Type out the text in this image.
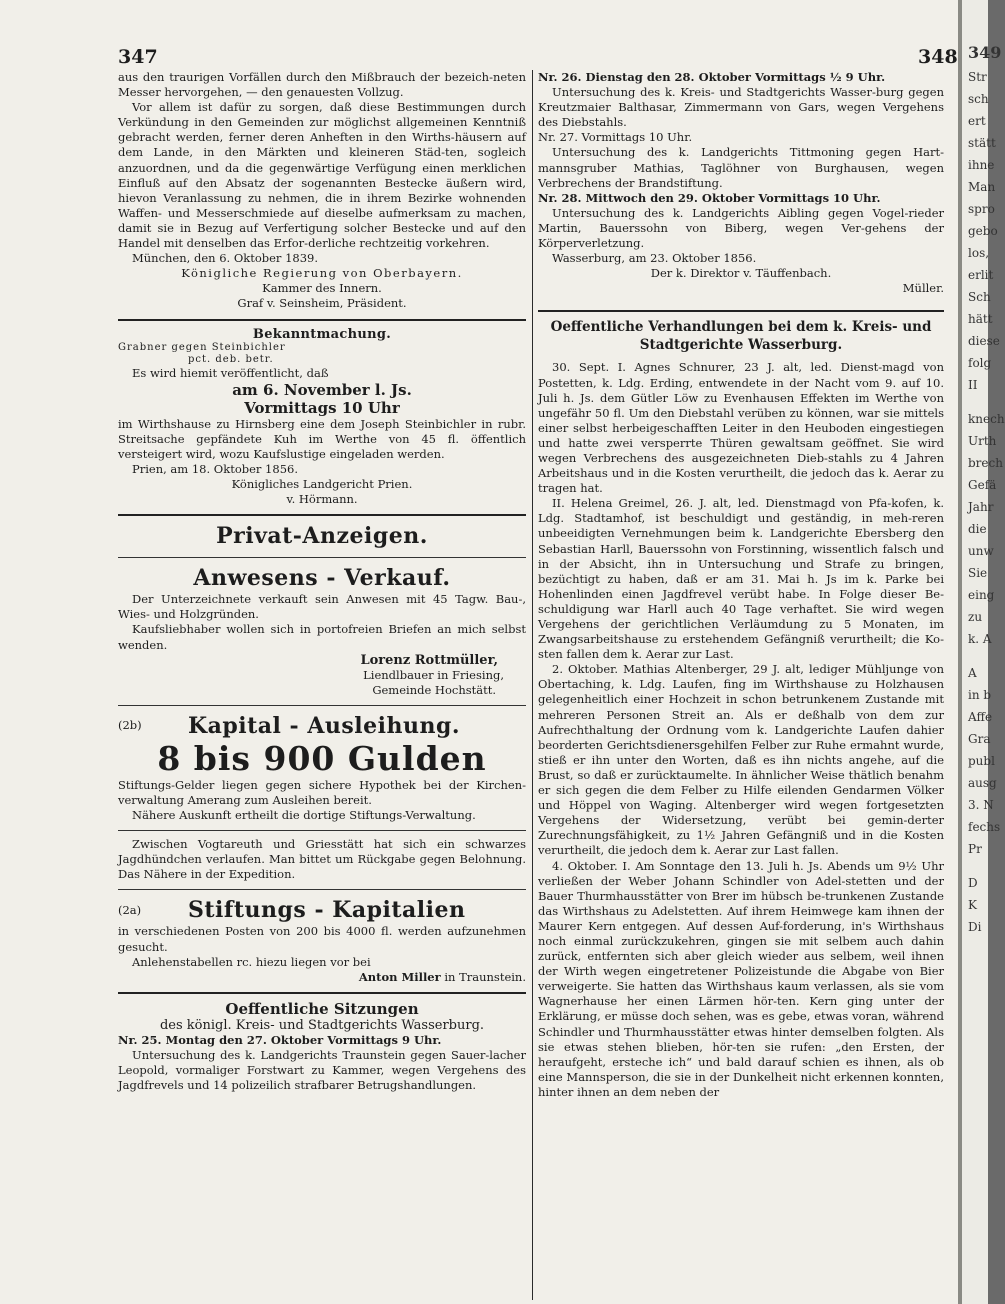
347	348

aus den traurigen Vorfällen durch den Mißbrauch der bezeich-neten Messer hervorgehen, — den genauesten Vollzug.

Vor allem ist dafür zu sorgen, daß diese Bestimmungen durch Verkündung in den Gemeinden zur möglichst allgemeinen Kenntniß gebracht werden, ferner deren Anheften in den Wirths-häusern auf dem Lande, in den Märkten und kleineren Städ-ten, sogleich anzuordnen, und da die gegenwärtige Verfügung einen merklichen Einfluß auf den Absatz der sogenannten Bestecke äußern wird, hievon Veranlassung zu nehmen, die in ihrem Bezirke wohnenden Waffen- und Messerschmiede auf dieselbe aufmerksam zu machen, damit sie in Bezug auf Verfertigung solcher Bestecke und auf den Handel mit denselben das Erfor-derliche rechtzeitig vorkehren.

München, den 6. Oktober 1839.

Königliche Regierung von Oberbayern.

Kammer des Innern.

Graf v. Seinsheim, Präsident.

Bekanntmachung.

Grabner gegen Steinbichler

pct. deb. betr.

Es wird hiemit veröffentlicht, daß

am 6. November l. Js.

Vormittags 10 Uhr

im Wirthshause zu Hirnsberg eine dem Joseph Steinbichler in rubr. Streitsache gepfändete Kuh im Werthe von 45 fl. öffentlich versteigert wird, wozu Kaufslustige eingeladen werden.

Prien, am 18. Oktober 1856.

Königliches Landgericht Prien.

v. Hörmann.

Privat-Anzeigen.

Anwesens - Verkauf.

Der Unterzeichnete verkauft sein Anwesen mit 45 Tagw. Bau-, Wies- und Holzgründen.

Kaufsliebhaber wollen sich in portofreien Briefen an mich selbst wenden.

Lorenz Rottmüller,

Liendlbauer in Friesing,

Gemeinde Hochstätt.

(2b)	Kapital - Ausleihung.

8 bis 900 Gulden

Stiftungs-Gelder liegen gegen sichere Hypothek bei der Kirchen-verwaltung Amerang zum Ausleihen bereit.

Nähere Auskunft ertheilt die dortige Stiftungs-Verwaltung.

Zwischen Vogtareuth und Griesstätt hat sich ein schwarzes Jagdhündchen verlaufen. Man bittet um Rückgabe gegen Belohnung. Das Nähere in der Expedition.

(2a)	Stiftungs - Kapitalien

in verschiedenen Posten von 200 bis 4000 fl. werden aufzunehmen gesucht.

Anlehenstabellen rc. hiezu liegen vor bei

Anton Miller in Traunstein.

Oeffentliche Sitzungen

des königl. Kreis- und Stadtgerichts Wasserburg.

Nr. 25. Montag den 27. Oktober Vormittags 9 Uhr.

Untersuchung des k. Landgerichts Traunstein gegen Sauer-lacher Leopold, vormaliger Forstwart zu Kammer, wegen Vergehens des Jagdfrevels und 14 polizeilich strafbarer Betrugshandlungen.

Nr. 26. Dienstag den 28. Oktober Vormittags ½ 9 Uhr.

Untersuchung des k. Kreis- und Stadtgerichts Wasser-burg gegen Kreutzmaier Balthasar, Zimmermann von Gars, wegen Vergehens des Diebstahls.

Nr. 27. Vormittags 10 Uhr.

Untersuchung des k. Landgerichts Tittmoning gegen Hart-mannsgruber Mathias, Taglöhner von Burghausen, wegen Verbrechens der Brandstiftung.

Nr. 28. Mittwoch den 29. Oktober Vormittags 10 Uhr.

Untersuchung des k. Landgerichts Aibling gegen Vogel-rieder Martin, Bauerssohn von Biberg, wegen Ver-gehens der Körperverletzung.

Wasserburg, am 23. Oktober 1856.

Der k. Direktor v. Täuffenbach.

Müller.

Oeffentliche Verhandlungen bei dem k. Kreis- und

Stadtgerichte Wasserburg.

30. Sept. I. Agnes Schnurer, 23 J. alt, led. Dienst-magd von Postetten, k. Ldg. Erding, entwendete in der Nacht vom 9. auf 10. Juli h. Js. dem Gütler Löw zu Evenhausen Effekten im Werthe von ungefähr 50 fl. Um den Diebstahl verüben zu können, war sie mittels einer selbst herbeigeschafften Leiter in den Heuboden eingestiegen und hatte zwei versperrte Thüren gewaltsam geöffnet. Sie wird wegen Verbrechens des ausgezeichneten Dieb-stahls zu 4 Jahren Arbeitshaus und in die Kosten verurtheilt, die jedoch das k. Aerar zu tragen hat.

II. Helena Greimel, 26. J. alt, led. Dienstmagd von Pfa-kofen, k. Ldg. Stadtamhof, ist beschuldigt und geständig, in meh-reren unbeeidigten Vernehmungen beim k. Landgerichte Ebersberg den Sebastian Harll, Bauerssohn von Forstinning, wissentlich falsch und in der Absicht, ihn in Untersuchung und Strafe zu bringen, bezüchtigt zu haben, daß er am 31. Mai h. Js im k. Parke bei Hohenlinden einen Jagdfrevel verübt habe. In Folge dieser Be-schuldigung war Harll auch 40 Tage verhaftet. Sie wird wegen Vergehens der gerichtlichen Verläumdung zu 5 Monaten, im Zwangsarbeitshause zu erstehendem Gefängniß verurtheilt; die Ko-sten fallen dem k. Aerar zur Last.

2. Oktober. Mathias Altenberger, 29 J. alt, lediger Mühljunge von Obertaching, k. Ldg. Laufen, fing im Wirthshause zu Holzhausen gelegenheitlich einer Hochzeit in schon betrunkenem Zustande mit mehreren Personen Streit an. Als er deßhalb von dem zur Aufrechthaltung der Ordnung vom k. Landgerichte Laufen dahier beorderten Gerichtsdienersgehilfen Felber zur Ruhe ermahnt wurde, stieß er ihn unter den Worten, daß es ihn nichts angehe, auf die Brust, so daß er zurücktaumelte. In ähnlicher Weise thätlich benahm er sich gegen die dem Felber zu Hilfe eilenden Gendarmen Völker und Höppel von Waging. Altenberger wird wegen fortgesetzten Vergehens der Widersetzung, verübt bei gemin-derter Zurechnungsfähigkeit, zu 1½ Jahren Gefängniß und in die Kosten verurtheilt, die jedoch dem k. Aerar zur Last fallen.

4. Oktober. I. Am Sonntage den 13. Juli h. Js. Abends um 9½ Uhr verließen der Weber Johann Schindler von Adel-stetten und der Bauer Thurmhausstätter von Brer im hübsch be-trunkenen Zustande das Wirthshaus zu Adelstetten. Auf ihrem Heimwege kam ihnen der Maurer Kern entgegen. Auf dessen Auf-forderung, in's Wirthshaus noch einmal zurückzukehren, gingen sie mit selbem auch dahin zurück, entfernten sich aber gleich wieder aus selbem, weil ihnen der Wirth wegen eingetretener Polizeistunde die Abgabe von Bier verweigerte. Sie hatten das Wirthshaus kaum verlassen, als sie vom Wagnerhause her einen Lärmen hör-ten. Kern ging unter der Erklärung, er müsse doch sehen, was es gebe, etwas voran, während Schindler und Thurmhausstätter etwas hinter demselben folgten. Als sie etwas stehen blieben, hör-ten sie rufen: „den Ersten, der heraufgeht, ersteche ich“ und bald darauf schien es ihnen, als ob eine Mannsperson, die sie in der Dunkelheit nicht erkennen konnten, hinter ihnen an dem neben der

349
Str
sch
ert
stätt
ihne
Man
spro
gebo
los,
erlit
Sch
hätt
diese
folg
II
knech
Urth
brech
Gefä
Jahr
die
unw
Sie
eing
zu
k. A
A
in b
Affe
Gra
publ
ausg
3. N
fechs
Pr
D
K
Di
